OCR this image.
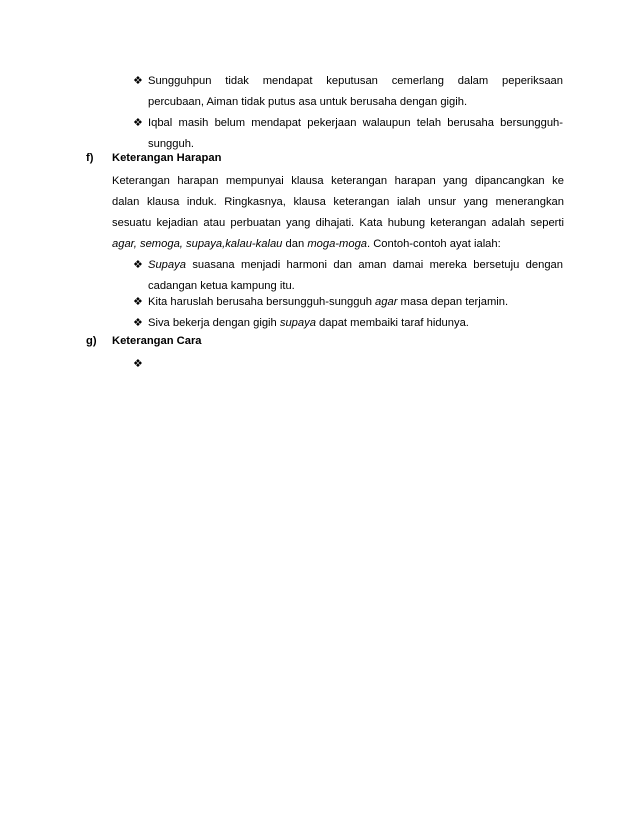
❖ Sungguhpun tidak mendapat keputusan cemerlang dalam peperiksaan
percubaan, Aiman tidak putus asa untuk berusaha dengan gigih.
❖ Iqbal masih belum mendapat pekerjaan walaupun telah berusaha bersungguh-
sungguh.
f) Keterangan Harapan
Keterangan harapan mempunyai klausa keterangan harapan yang dipancangkan ke
dalan klausa induk. Ringkasnya, klausa keterangan ialah unsur yang menerangkan
sesuatu kejadian atau perbuatan yang dihajati. Kata hubung keterangan adalah seperti
agar, semoga, supaya,kalau-kalau dan moga-moga. Contoh-contoh ayat ialah:
❖ Supaya suasana menjadi harmoni dan aman damai mereka bersetuju dengan
cadangan ketua kampung itu.
❖ Kita haruslah berusaha bersungguh-sungguh agar masa depan terjamin.
❖ Siva bekerja dengan gigih supaya dapat membaiki taraf hidunya.
g) Keterangan Cara
❖
